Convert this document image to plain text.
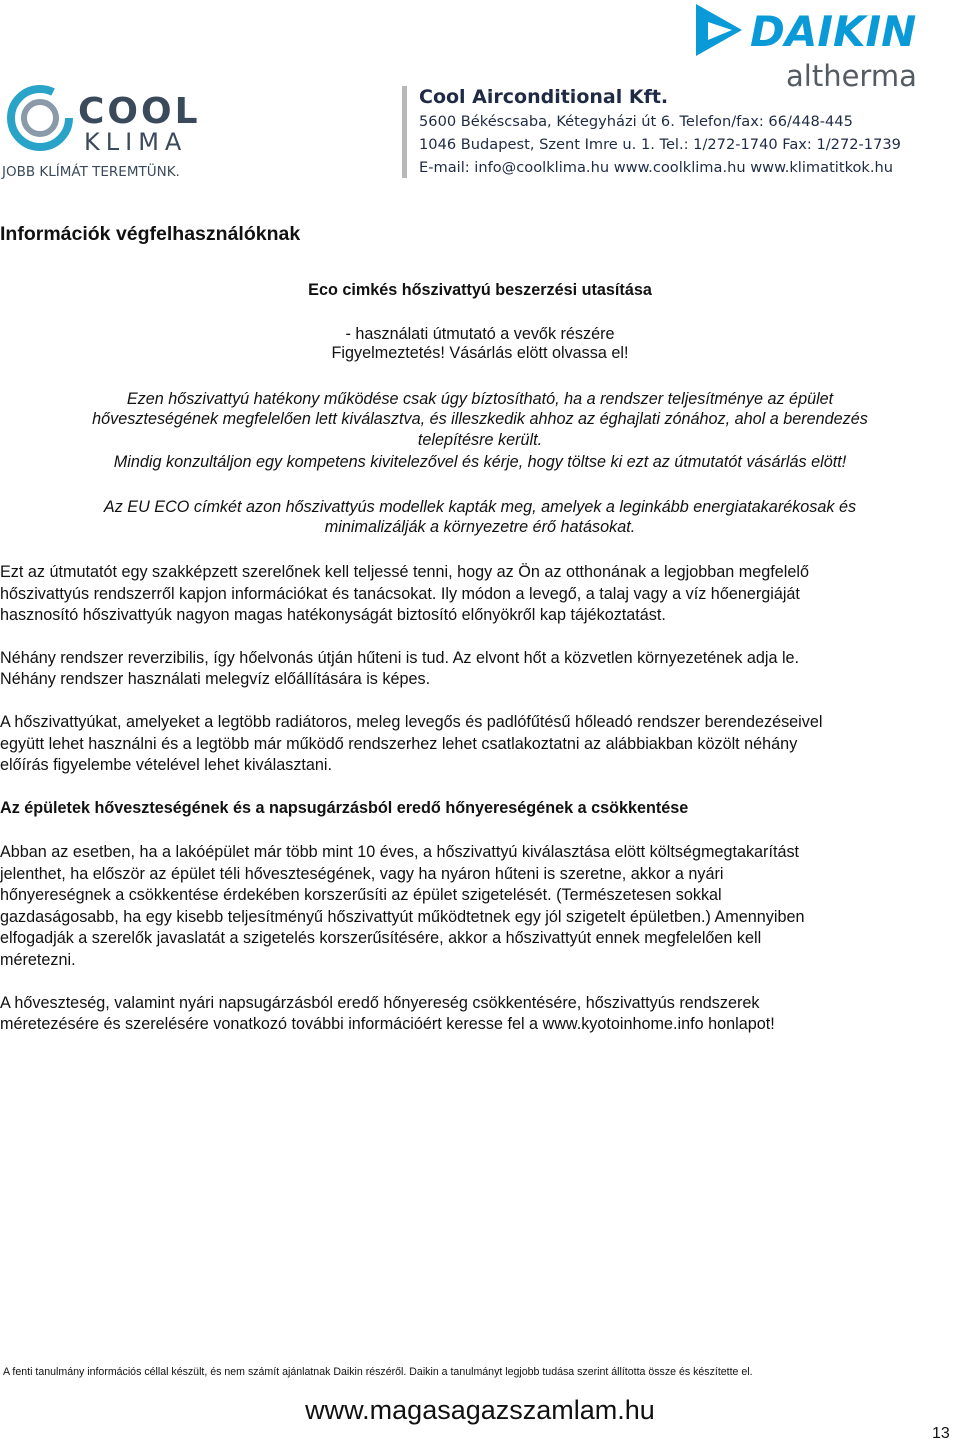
COOL
KLIMA
JOBB KLÍMÁT TEREMTÜNK.
DAIKIN
altherma
Cool Airconditional Kft.
5600 Békéscsaba, Kétegyházi út 6. Telefon/fax: 66/448-445
1046 Budapest, Szent Imre u. 1. Tel.: 1/272-1740 Fax: 1/272-1739
E-mail: info@coolklima.hu www.coolklima.hu www.klimatitkok.hu
Információk végfelhasználóknak
Eco cimkés hőszivattyú beszerzési utasítása
- használati útmutató a vevők részére
Figyelmeztetés! Vásárlás elött olvassa el!
Ezen hőszivattyú hatékony működése csak úgy bíztosítható, ha a rendszer teljesítménye az épület
hőveszteségének megfelelően lett kiválasztva, és illeszkedik ahhoz az éghajlati zónához, ahol a berendezés
telepítésre került.
Mindig konzultáljon egy kompetens kivitelezővel és kérje, hogy töltse ki ezt az útmutatót vásárlás elött!
Az EU ECO címkét azon hőszivattyús modellek kapták meg, amelyek a leginkább energiatakarékosak és
minimalizálják a környezetre érő hatásokat.
Ezt az útmutatót egy szakképzett szerelőnek kell teljessé tenni, hogy az Ön az otthonának a legjobban megfelelő
hőszivattyús rendszerről kapjon információkat és tanácsokat. Ily módon a levegő, a talaj vagy a víz hőenergiáját
hasznosító hőszivattyúk nagyon magas hatékonyságát biztosító előnyökről kap tájékoztatást.
Néhány rendszer reverzibilis, így hőelvonás útján hűteni is tud. Az elvont hőt a közvetlen környezetének adja le.
Néhány rendszer használati melegvíz előállítására is képes.
A hőszivattyúkat, amelyeket a legtöbb radiátoros, meleg levegős és padlófűtésű hőleadó rendszer berendezéseivel
együtt lehet használni és a legtöbb már működő rendszerhez lehet csatlakoztatni az alábbiakban közölt néhány
előírás figyelembe vételével lehet kiválasztani.
Az épületek hőveszteségének és a napsugárzásból eredő hőnyereségének a csökkentése
Abban az esetben, ha a lakóépület már több mint 10 éves, a hőszivattyú kiválasztása elött költségmegtakarítást
jelenthet, ha először az épület téli hőveszteségének, vagy ha nyáron hűteni is szeretne, akkor a nyári
hőnyereségnek a csökkentése érdekében korszerűsíti az épület szigetelését. (Természetesen sokkal
gazdaságosabb, ha egy kisebb teljesítményű hőszivattyút működtetnek egy jól szigetelt épületben.) Amennyiben
elfogadják a szerelők javaslatát a szigetelés korszerűsítésére, akkor a hőszivattyút ennek megfelelően kell
méretezni.
A hőveszteség, valamint nyári napsugárzásból eredő hőnyereség csökkentésére, hőszivattyús rendszerek
méretezésére és szerelésére vonatkozó további információért keresse fel a www.kyotoinhome.info honlapot!
A fenti tanulmány információs céllal készült, és nem számít ajánlatnak Daikin részéről. Daikin a tanulmányt legjobb tudása szerint állította össze és készítette el.
www.magasagazszamlam.hu
13
